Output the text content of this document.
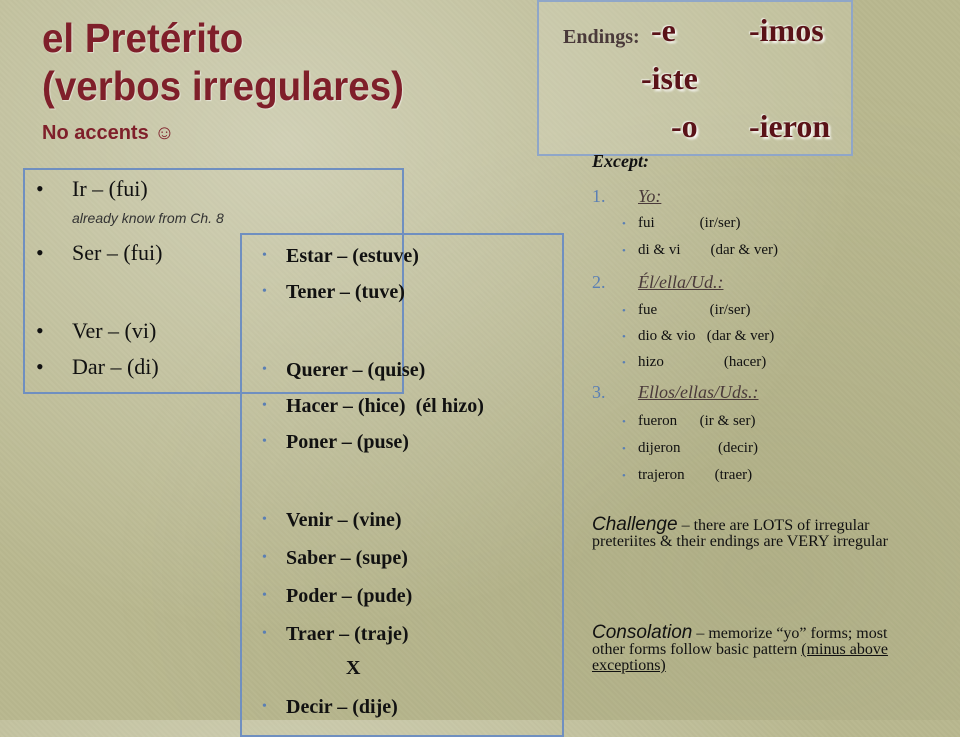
el Pretérito
(verbos irregulares)
No accents ☺
Endings: -e -imos
-iste
-o -ieron
• Ir – (fui)
already know from Ch. 8
• Ser – (fui)
• Ver – (vi)
• Dar – (di)
• Estar – (estuve)
• Tener – (tuve)
• Querer – (quise)
• Hacer – (hice)  (él hizo)
• Poner – (puse)
• Venir – (vine)
• Saber – (supe)
• Poder – (pude)
• Traer – (traje)
X
• Decir – (dije)
Except:
1. Yo:
• fui            (ir/ser)
• di & vi        (dar & ver)
2. Él/ella/Ud.:
• fue              (ir/ser)
• dio & vio   (dar & ver)
• hizo                (hacer)
3. Ellos/ellas/Uds.:
• fueron      (ir & ser)
• dijeron          (decir)
• trajeron        (traer)
Challenge – there are LOTS of irregular preteriites & their endings are VERY irregular
Consolation – memorize “yo” forms; most other forms follow basic pattern (minus above exceptions)
